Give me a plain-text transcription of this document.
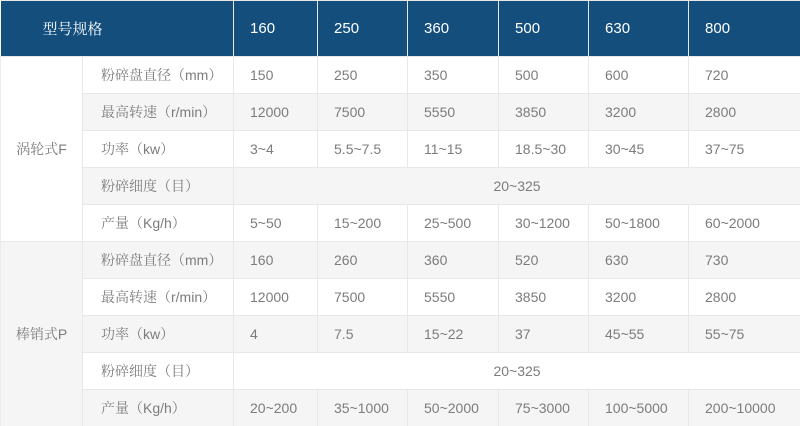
型号规格		160	250	360	500	630	800
涡轮式F	粉碎盘直径（mm）	150	250	350	500	600	720
	最高转速（r/min）	12000	7500	5550	3850	3200	2800
	功率（kw）	3~4	5.5~7.5	11~15	18.5~30	30~45	37~75
	粉碎细度（目）	20~325					
	产量（Kg/h）	5~50	15~200	25~500	30~1200	50~1800	60~2000
棒销式P	粉碎盘直径（mm）	160	260	360	520	630	730
	最高转速（r/min）	12000	7500	5550	3850	3200	2800
	功率（kw）	4	7.5	15~22	37	45~55	55~75
	粉碎细度（目）	20~325					
	产量（Kg/h）	20~200	35~1000	50~2000	75~3000	100~5000	200~10000
